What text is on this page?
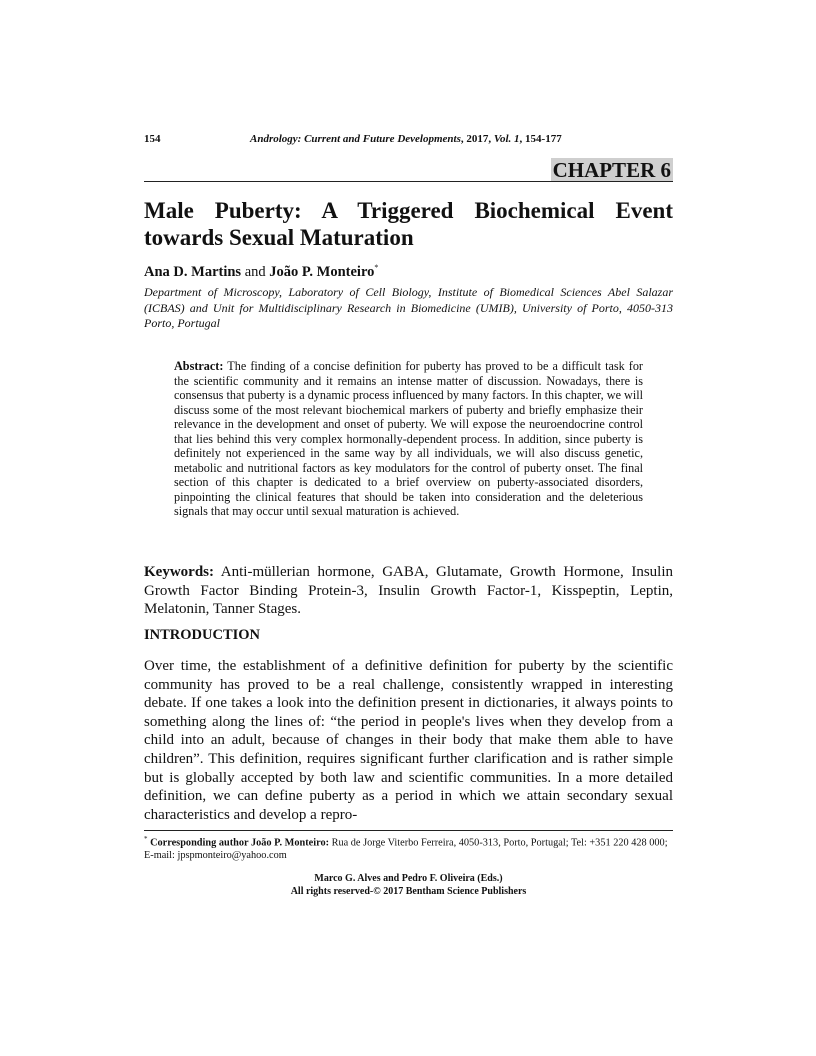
154	Andrology: Current and Future Developments, 2017, Vol. 1, 154-177
CHAPTER 6
Male Puberty: A Triggered Biochemical Event towards Sexual Maturation
Ana D. Martins and João P. Monteiro*
Department of Microscopy, Laboratory of Cell Biology, Institute of Biomedical Sciences Abel Salazar (ICBAS) and Unit for Multidisciplinary Research in Biomedicine (UMIB), University of Porto, 4050-313 Porto, Portugal
Abstract: The finding of a concise definition for puberty has proved to be a difficult task for the scientific community and it remains an intense matter of discussion. Nowadays, there is consensus that puberty is a dynamic process influenced by many factors. In this chapter, we will discuss some of the most relevant biochemical markers of puberty and briefly emphasize their relevance in the development and onset of puberty. We will expose the neuroendocrine control that lies behind this very complex hormonally-dependent process. In addition, since puberty is definitely not experienced in the same way by all individuals, we will also discuss genetic, metabolic and nutritional factors as key modulators for the control of puberty onset. The final section of this chapter is dedicated to a brief overview on puberty-associated disorders, pinpointing the clinical features that should be taken into consideration and the deleterious signals that may occur until sexual maturation is achieved.
Keywords: Anti-müllerian hormone, GABA, Glutamate, Growth Hormone, Insulin Growth Factor Binding Protein-3, Insulin Growth Factor-1, Kisspeptin, Leptin, Melatonin, Tanner Stages.
INTRODUCTION
Over time, the establishment of a definitive definition for puberty by the scientific community has proved to be a real challenge, consistently wrapped in interesting debate. If one takes a look into the definition present in dictionaries, it always points to something along the lines of: “the period in people's lives when they develop from a child into an adult, because of changes in their body that make them able to have children”. This definition, requires significant further clarification and is rather simple but is globally accepted by both law and scientific communities. In a more detailed definition, we can define puberty as a period in which we attain secondary sexual characteristics and develop a repro-
* Corresponding author João P. Monteiro: Rua de Jorge Viterbo Ferreira, 4050-313, Porto, Portugal; Tel: +351 220 428 000; E-mail: jpspmonteiro@yahoo.com
Marco G. Alves and Pedro F. Oliveira (Eds.)
All rights reserved-© 2017 Bentham Science Publishers
